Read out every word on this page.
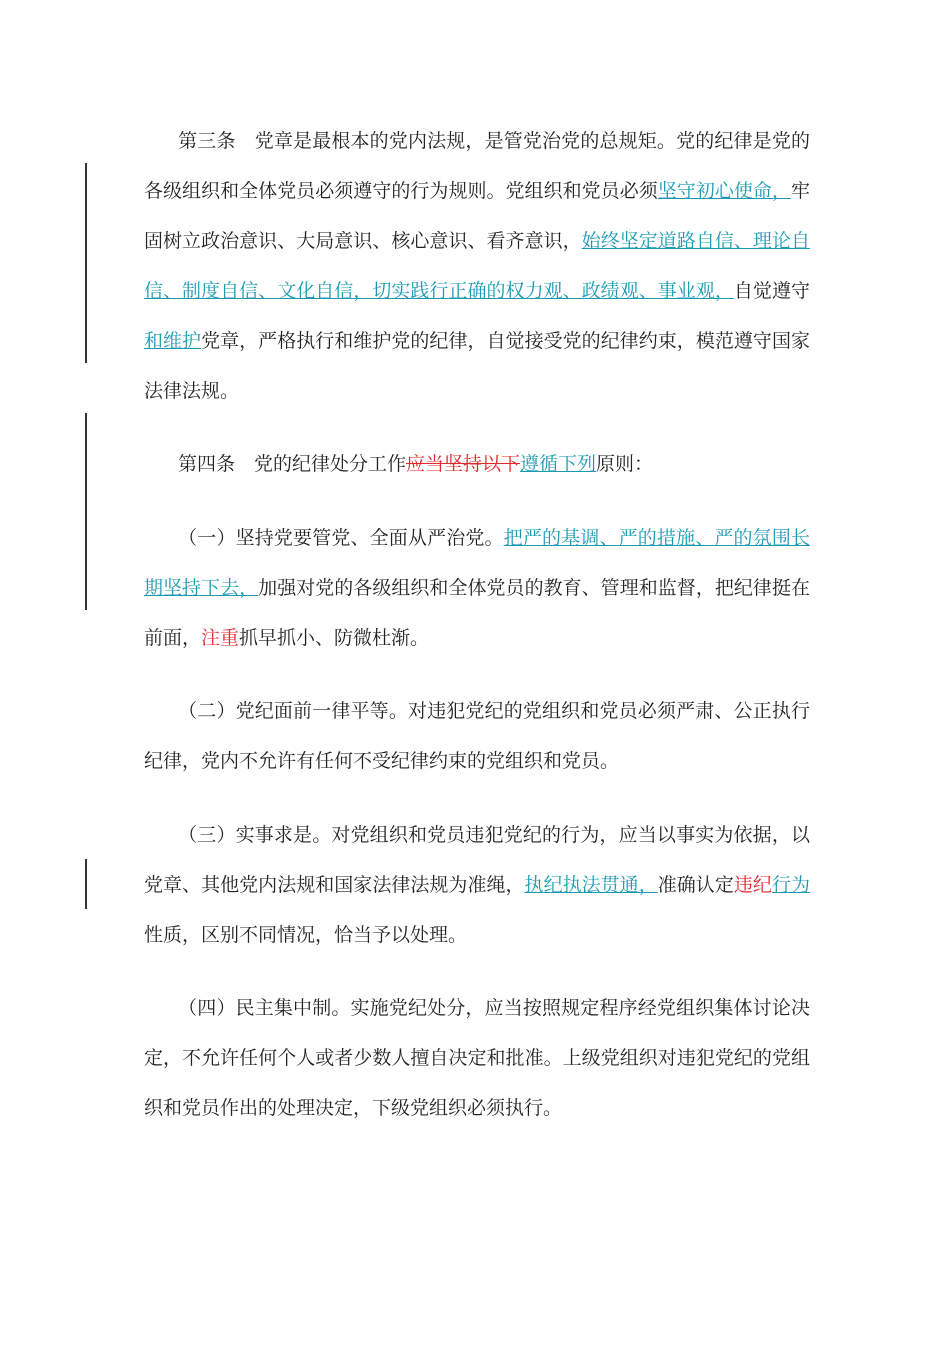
第三条　党章是最根本的党内法规，是管党治党的总规矩。党的纪律是党的各级组织和全体党员必须遵守的行为规则。党组织和党员必须坚守初心使命，牢固树立政治意识、大局意识、核心意识、看齐意识，始终坚定道路自信、理论自信、制度自信、文化自信，切实践行正确的权力观、政绩观、事业观，自觉遵守和维护党章，严格执行和维护党的纪律，自觉接受党的纪律约束，模范遵守国家法律法规。

第四条　党的纪律处分工作应当坚持以下遵循下列原则：

（一）坚持党要管党、全面从严治党。把严的基调、严的措施、严的氛围长期坚持下去，加强对党的各级组织和全体党员的教育、管理和监督，把纪律挺在前面，注重抓早抓小、防微杜渐。

（二）党纪面前一律平等。对违犯党纪的党组织和党员必须严肃、公正执行纪律，党内不允许有任何不受纪律约束的党组织和党员。

（三）实事求是。对党组织和党员违犯党纪的行为，应当以事实为依据，以党章、其他党内法规和国家法律法规为准绳，执纪执法贯通，准确认定违纪行为性质，区别不同情况，恰当予以处理。

（四）民主集中制。实施党纪处分，应当按照规定程序经党组织集体讨论决定，不允许任何个人或者少数人擅自决定和批准。上级党组织对违犯党纪的党组织和党员作出的处理决定，下级党组织必须执行。
